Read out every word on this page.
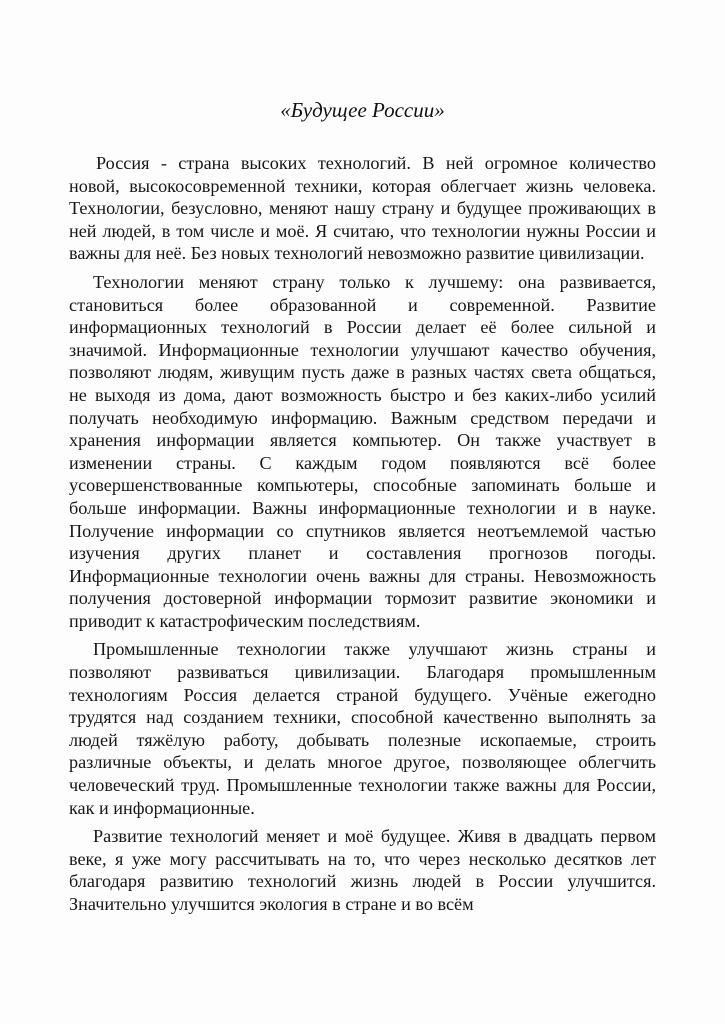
«Будущее России»

Россия - страна высоких технологий. В ней огромное количество новой, высокосовременной техники, которая облегчает жизнь человека. Технологии, безусловно, меняют нашу страну и будущее проживающих в ней людей, в том числе и моё. Я считаю, что технологии нужны России и важны для неё. Без новых технологий невозможно развитие цивилизации.

Технологии меняют страну только к лучшему: она развивается, становиться более образованной и современной. Развитие информационных технологий в России делает её более сильной и значимой. Информационные технологии улучшают качество обучения, позволяют людям, живущим пусть даже в разных частях света общаться, не выходя из дома, дают возможность быстро и без каких-либо усилий получать необходимую информацию. Важным средством передачи и хранения информации является компьютер. Он также участвует в изменении страны. С каждым годом появляются всё более усовершенствованные компьютеры, способные запоминать больше и больше информации. Важны информационные технологии и в науке. Получение информации со спутников является неотъемлемой частью изучения других планет и составления прогнозов погоды. Информационные технологии очень важны для страны. Невозможность получения достоверной информации тормозит развитие экономики и приводит к катастрофическим последствиям.

Промышленные технологии также улучшают жизнь страны и позволяют развиваться цивилизации. Благодаря промышленным технологиям Россия делается страной будущего. Учёные ежегодно трудятся над созданием техники, способной качественно выполнять за людей тяжёлую работу, добывать полезные ископаемые, строить различные объекты, и делать многое другое, позволяющее облегчить человеческий труд. Промышленные технологии также важны для России, как и информационные.

Развитие технологий меняет и моё будущее. Живя в двадцать первом веке, я уже могу рассчитывать на то, что через несколько десятков лет благодаря развитию технологий жизнь людей в России улучшится. Значительно улучшится экология в стране и во всём
